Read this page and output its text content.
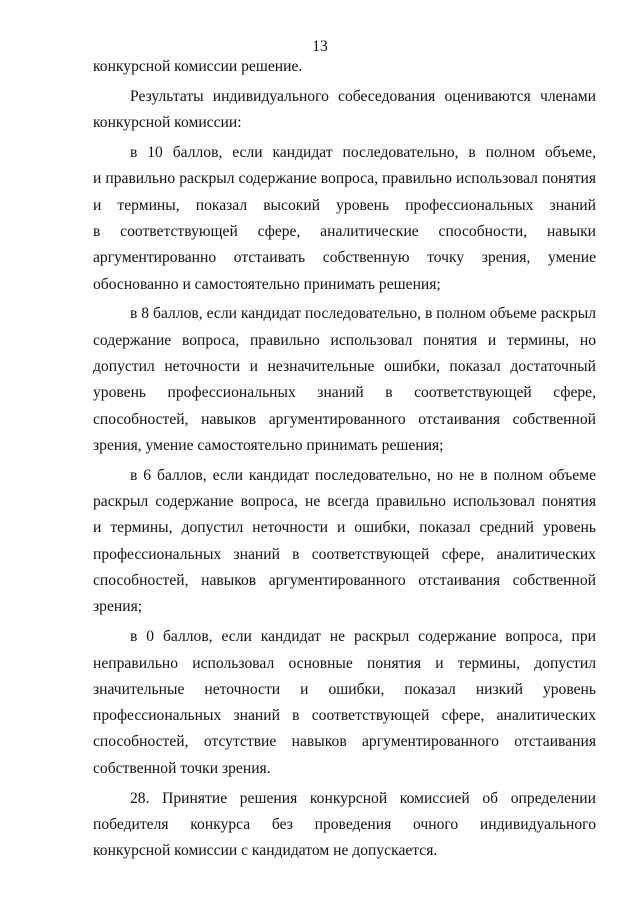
13
конкурсной комиссии решение.
Результаты индивидуального собеседования оцениваются членами
конкурсной комиссии:
в 10 баллов, если кандидат последовательно, в полном объеме,
и правильно раскрыл содержание вопроса, правильно использовал понятия
и термины, показал высокий уровень профессиональных знаний
в соответствующей сфере, аналитические способности, навыки
аргументированно отстаивать собственную точку зрения, умение
обоснованно и самостоятельно принимать решения;
в 8 баллов, если кандидат последовательно, в полном объеме раскрыл
содержание вопроса, правильно использовал понятия и термины, но
допустил неточности и незначительные ошибки, показал достаточный
уровень профессиональных знаний в соответствующей сфере,
способностей, навыков аргументированного отстаивания собственной
зрения, умение самостоятельно принимать решения;
в 6 баллов, если кандидат последовательно, но не в полном объеме
раскрыл содержание вопроса, не всегда правильно использовал понятия
и термины, допустил неточности и ошибки, показал средний уровень
профессиональных знаний в соответствующей сфере, аналитических
способностей, навыков аргументированного отстаивания собственной
зрения;
в 0 баллов, если кандидат не раскрыл содержание вопроса, при
неправильно использовал основные понятия и термины, допустил
значительные неточности и ошибки, показал низкий уровень
профессиональных знаний в соответствующей сфере, аналитических
способностей, отсутствие навыков аргументированного отстаивания
собственной точки зрения.
28. Принятие решения конкурсной комиссией об определении
победителя конкурса без проведения очного индивидуального
конкурсной комиссии с кандидатом не допускается.
